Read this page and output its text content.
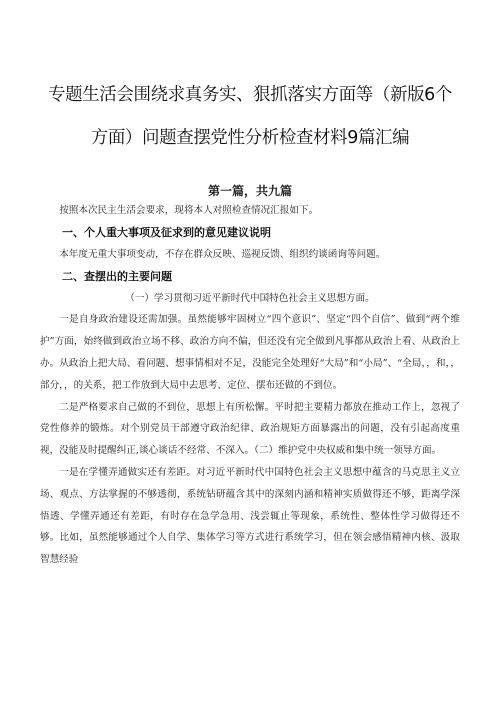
专题生活会围绕求真务实、狠抓落实方面等（新版6个方面）问题查摆党性分析检查材料9篇汇编
第一篇，共九篇

按照本次民主生活会要求，现将本人对照检查情况汇报如下。

一、个人重大事项及征求到的意见建议说明

本年度无重大事项变动，不存在群众反映、巡视反馈、组织约谈函询等问题。

二、查摆出的主要问题

（一）学习贯彻习近平新时代中国特色社会主义思想方面。

一是自身政治建设还需加强。虽然能够牢固树立“四个意识”、坚定“四个自信”、做到“两个维护”方面，始终做到政治立场不移、政治方向不偏，但还没有完全做到凡事都从政治上看、从政治上办。从政治上把大局、看问题、想事情相对不足，没能完全处理好“大局”和“小局”、“全局，，和，，部分，，的关系，把工作放到大局中去思考、定位、摆布还做的不到位。

二是严格要求自己做的不到位，思想上有所松懈。平时把主要精力都放在推动工作上，忽视了党性修养的锻炼。对个别党员干部遵守政治纪律、政治规矩方面暴露出的问题，没有引起高度重视，没能及时提醒纠正,谈心谈话不经常、不深入。（二）维护党中央权威和集中统一领导方面。

一是在学懂弄通做实还有差距。对习近平新时代中国特色社会主义思想中蕴含的马克思主义立场、观点、方法掌握的不够透彻，系统钻研蕴含其中的深刻内涵和精神实质做得还不够，距离学深悟透、学懂弄通还有差距，有时存在急学急用、浅尝辄止等现象，系统性、整体性学习做得还不够。比如，虽然能够通过个人自学、集体学习等方式进行系统学习，但在领会感悟精神内核、汲取智慧经验
